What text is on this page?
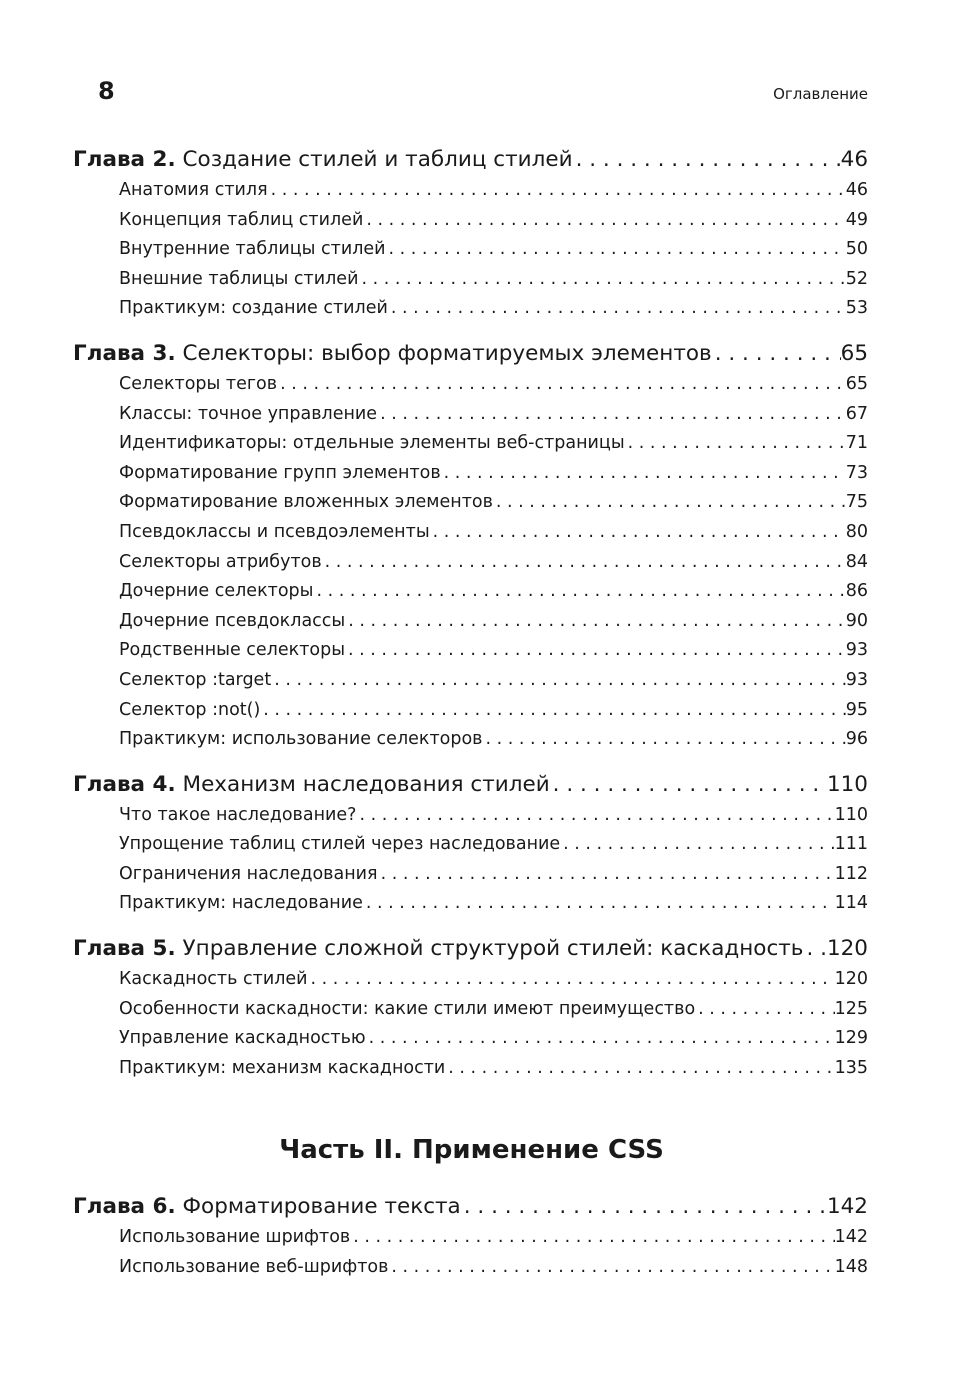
8	Оглавление
Глава 2. Создание стилей и таблиц стилей . . .	46
Анатомия стиля . . .	46
Концепция таблиц стилей . . .	49
Внутренние таблицы стилей . . .	50
Внешние таблицы стилей . . .	52
Практикум: создание стилей . . .	53
Глава 3. Селекторы: выбор форматируемых элементов . . .	65
Селекторы тегов . . .	65
Классы: точное управление . . .	67
Идентификаторы: отдельные элементы веб-страницы . . .	71
Форматирование групп элементов . . .	73
Форматирование вложенных элементов . . .	75
Псевдоклассы и псевдоэлементы . . .	80
Селекторы атрибутов . . .	84
Дочерние селекторы . . .	86
Дочерние псевдоклассы . . .	90
Родственные селекторы . . .	93
Селектор :target . . .	93
Селектор :not() . . .	95
Практикум: использование селекторов . . .	96
Глава 4. Механизм наследования стилей . . .	110
Что такое наследование? . . .	110
Упрощение таблиц стилей через наследование . . .	111
Ограничения наследования . . .	112
Практикум: наследование . . .	114
Глава 5. Управление сложной структурой стилей: каскадность . . . 120
Каскадность стилей . . .	120
Особенности каскадности: какие стили имеют преимущество . . .	125
Управление каскадностью . . .	129
Практикум: механизм каскадности . . .	135
Часть II. Применение CSS
Глава 6. Форматирование текста . . .	142
Использование шрифтов . . .	142
Использование веб-шрифтов . . .	148
